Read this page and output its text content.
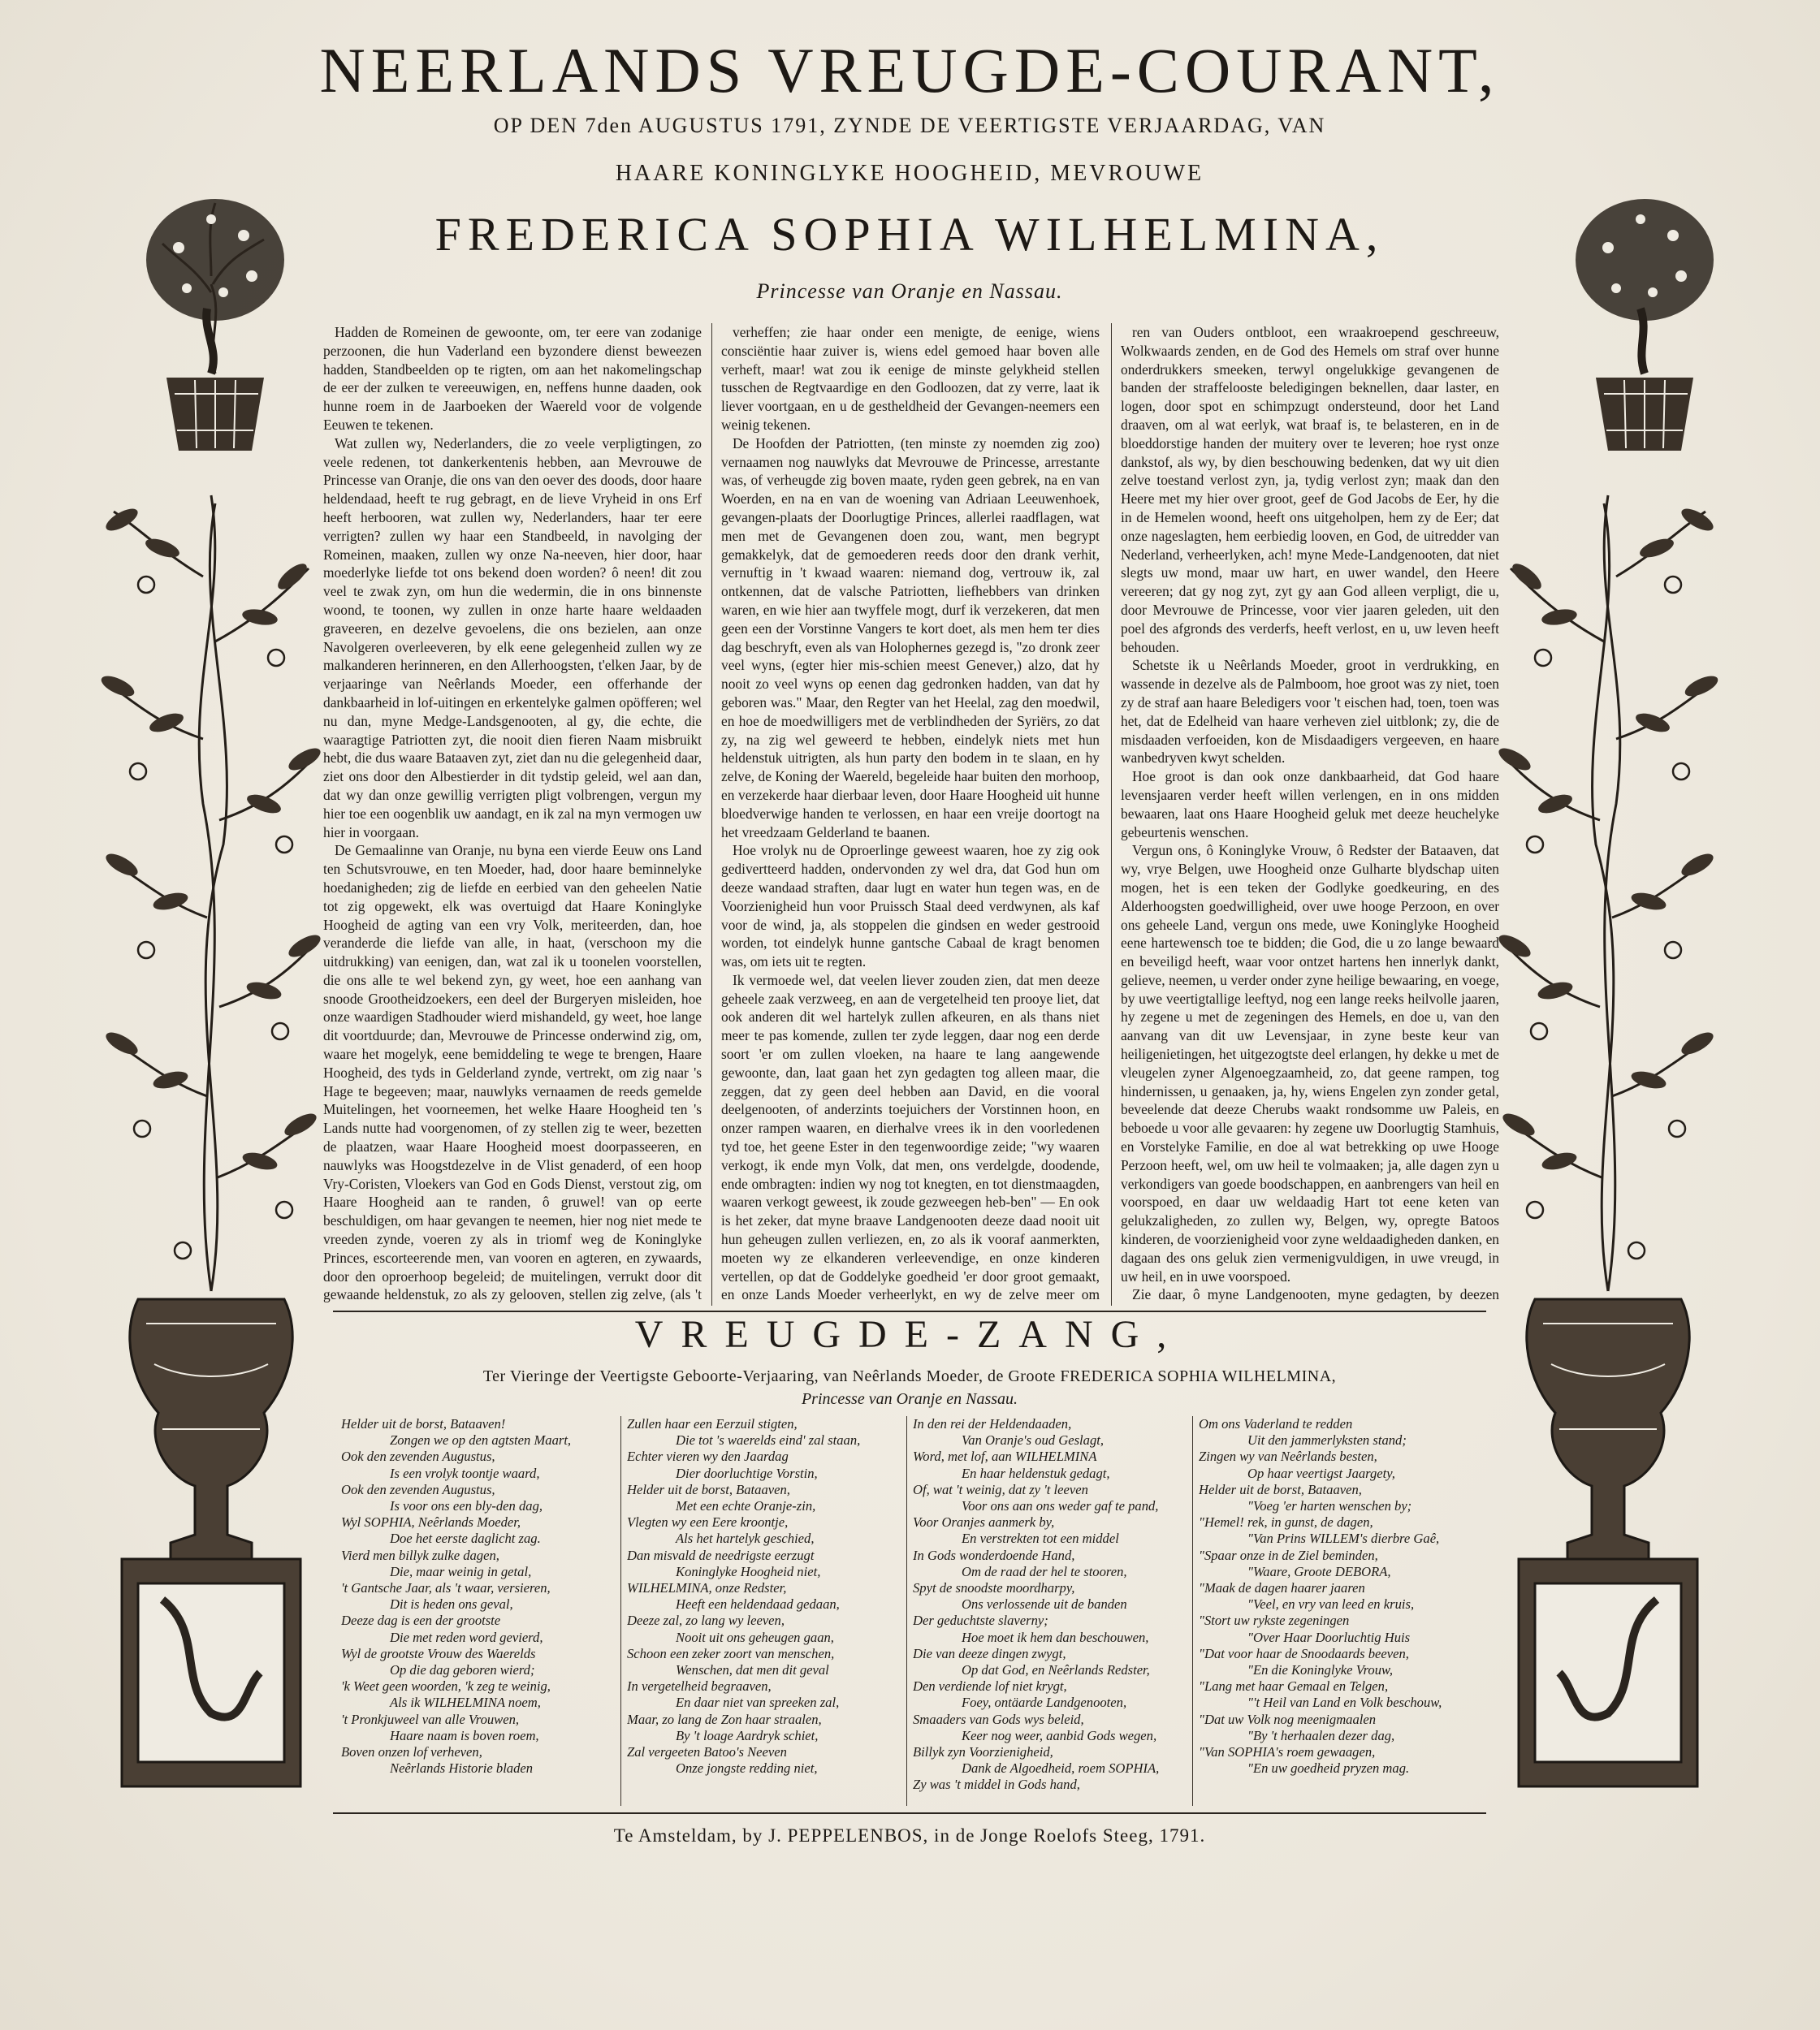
NEERLANDS VREUGDE-COURANT,
OP DEN 7den AUGUSTUS 1791, ZYNDE DE VEERTIGSTE VERJAARDAG, VAN
HAARE KONINGLYKE HOOGHEID, MEVROUWE
FREDERICA SOPHIA WILHELMINA,
Princesse van Oranje en Nassau.

Hadden de Romeinen de gewoonte, om, ter eere van zodanige perzoonen, die hun Vaderland een byzondere dienst beweezen hadden, Standbeelden op te rigten, om aan het nakomelingschap de eer der zulken te vereeuwigen, en, neffens hunne daaden, ook hunne roem in de Jaarboeken der Waereld voor de volgende Eeuwen te tekenen.

Wat zullen wy, Nederlanders, die zo veele verpligtingen, zo veele redenen, tot dankerkentenis hebben, aan Mevrouwe de Princesse van Oranje, die ons van den oever des doods, door haare heldendaad, heeft te rug gebragt, en de lieve Vryheid in ons Erf heeft herbooren, wat zullen wy, Nederlanders, haar ter eere verrigten? zullen wy haar een Standbeeld, in navolging der Romeinen, maaken, zullen wy onze Na-neeven, hier door, haar moederlyke liefde tot ons bekend doen worden? ô neen! dit zou veel te zwak zyn, om hun die wedermin, die in ons binnenste woond, te toonen, wy zullen in onze harte haare weldaaden graveeren, en dezelve gevoelens, die ons bezielen, aan onze Navolgeren overleeveren, by elk eene gelegenheid zullen wy ze malkanderen herinneren, en den Allerhoogsten, t'elken Jaar, by de verjaaringe van Neêrlands Moeder, een offerhande der dankbaarheid in lof-uitingen en erkentelyke galmen opöfferen; wel nu dan, myne Medge-Landsgenooten, al gy, die echte, die waaragtige Patriotten zyt, die nooit dien fieren Naam misbruikt hebt, die dus waare Bataaven zyt, ziet dan nu die gelegenheid daar, ziet ons door den Albestierder in dit tydstip geleid, wel aan dan, dat wy dan onze gewillig verrigten pligt volbrengen, vergun my hier toe een oogenblik uw aandagt, en ik zal na myn vermogen uw hier in voorgaan.

De Gemaalinne van Oranje, nu byna een vierde Eeuw ons Land ten Schutsvrouwe, en ten Moeder, had, door haare beminnelyke hoedanigheden; zig de liefde en eerbied van den geheelen Natie tot zig opgewekt, elk was overtuigd dat Haare Koninglyke Hoogheid de agting van een vry Volk, meriteerden, dan, hoe veranderde die liefde van alle, in haat, (verschoon my die uitdrukking) van eenigen, dan, wat zal ik u toonelen voorstellen, die ons alle te wel bekend zyn, gy weet, hoe een aanhang van snoode Grootheidzoekers, een deel der Burgeryen misleiden, hoe onze waardigen Stadhouder wierd mishandeld, gy weet, hoe lange dit voortduurde; dan, Mevrouwe de Princesse onderwind zig, om, waare het mogelyk, eene bemiddeling te wege te brengen, Haare Hoogheid, des tyds in Gelderland zynde, vertrekt, om zig naar 's Hage te begeeven; maar, nauwlyks vernaamen de reeds gemelde Muitelingen, het voorneemen, het welke Haare Hoogheid ten 's Lands nutte had voorgenomen, of zy stellen zig te weer, bezetten de plaatzen, waar Haare Hoogheid moest doorpasseeren, en nauwlyks was Hoogstdezelve in de Vlist genaderd, of een hoop Vry-Coristen, Vloekers van God en Gods Dienst, verstout zig, om Haare Hoogheid aan te randen, ô gruwel! van op eerte beschuldigen, om haar gevangen te neemen, hier nog niet mede te vreeden zynde, voeren zy als in triomf weg de Koninglyke Princes, escorteerende men, van vooren en agteren, en zywaards, door den oproerhoop begeleid; de muitelingen, verrukt door dit gewaande heldenstuk, zo als zy gelooven, stellen zig zelve, (als 't

verheffen; zie haar onder een menigte, de eenige, wiens consciëntie haar zuiver is, wiens edel gemoed haar boven alle verheft, maar! wat zou ik eenige de minste gelykheid stellen tusschen de Regtvaardige en den Godloozen, dat zy verre, laat ik liever voortgaan, en u de gestheldheid der Gevangen-neemers een weinig tekenen.

De Hoofden der Patriotten, (ten minste zy noemden zig zoo) vernaamen nog nauwlyks dat Mevrouwe de Princesse, arrestante was, of verheugde zig boven maate, ryden geen gebrek, na en van Woerden, en na en van de woening van Adriaan Leeuwenhoek, gevangen-plaats der Doorlugtige Princes, allerlei raadflagen, wat men met de Gevangenen doen zou, want, men begrypt gemakkelyk, dat de gemoederen reeds door den drank verhit, vernuftig in 't kwaad waaren: niemand dog, vertrouw ik, zal ontkennen, dat de valsche Patriotten, liefhebbers van drinken waren, en wie hier aan twyffele mogt, durf ik verzekeren, dat men geen een der Vorstinne Vangers te kort doet, als men hem ter dies dag beschryft, even als van Holophernes gezegd is, "zo dronk zeer veel wyns, (egter hier mis-schien meest Genever,) alzo, dat hy nooit zo veel wyns op eenen dag gedronken hadden, van dat hy geboren was." Maar, den Regter van het Heelal, zag den moedwil, en hoe de moedwilligers met de verblindheden der Syriërs, zo dat zy, na zig wel geweerd te hebben, eindelyk niets met hun heldenstuk uitrigten, als hun party den bodem in te slaan, en hy zelve, de Koning der Waereld, begeleide haar buiten den morhoop, en verzekerde haar dierbaar leven, door Haare Hoogheid uit hunne bloedverwige handen te verlossen, en haar een vreije doortogt na het vreedzaam Gelderland te baanen.

Hoe vrolyk nu de Oproerlinge geweest waaren, hoe zy zig ook gedivertteerd hadden, ondervonden zy wel dra, dat God hun om deeze wandaad straften, daar lugt en water hun tegen was, en de Voorzienigheid hun voor Pruissch Staal deed verdwynen, als kaf voor de wind, ja, als stoppelen die gindsen en weder gestrooid worden, tot eindelyk hunne gantsche Cabaal de kragt benomen was, om iets uit te regten.

Ik vermoede wel, dat veelen liever zouden zien, dat men deeze geheele zaak verzweeg, en aan de vergetelheid ten prooye liet, dat ook anderen dit wel hartelyk zullen afkeuren, en als thans niet meer te pas komende, zullen ter zyde leggen, daar nog een derde soort 'er om zullen vloeken, na haare te lang aangewende gewoonte, dan, laat gaan het zyn gedagten tog alleen maar, die zeggen, dat zy geen deel hebben aan David, en die vooral deelgenooten, of anderzints toejuichers der Vorstinnen hoon, en onzer rampen waaren, en dierhalve vrees ik in den voorledenen tyd toe, het geene Ester in den tegenwoordige zeide; "wy waaren verkogt, ik ende myn Volk, dat men, ons verdelgde, doodende, ende ombragten: indien wy nog tot knegten, en tot dienstmaagden, waaren verkogt geweest, ik zoude gezweegen heb-ben" — En ook is het zeker, dat myne braave Landgenooten deeze daad nooit uit hun geheugen zullen verliezen, en, zo als ik vooraf aanmerkten, moeten wy ze elkanderen verleevendige, en onze kinderen vertellen, op dat de Goddelyke goedheid 'er door groot gemaakt, en onze Lands Moeder verheerlykt, en wy de zelve meer om

ren van Ouders ontbloot, een wraakroepend geschreeuw, Wolkwaards zenden, en de God des Hemels om straf over hunne onderdrukkers smeeken, terwyl ongelukkige gevangenen de banden der straffelooste beledigingen beknellen, daar laster, en logen, door spot en schimpzugt ondersteund, door het Land draaven, om al wat eerlyk, wat braaf is, te belasteren, en in de bloeddorstige handen der muitery over te leveren; hoe ryst onze dankstof, als wy, by dien beschouwing bedenken, dat wy uit dien zelve toestand verlost zyn, ja, tydig verlost zyn; maak dan den Heere met my hier over groot, geef de God Jacobs de Eer, hy die in de Hemelen woond, heeft ons uitgeholpen, hem zy de Eer; dat onze nageslagten, hem eerbiedig looven, en God, de uitredder van Nederland, verheerlyken, ach! myne Mede-Landgenooten, dat niet slegts uw mond, maar uw hart, en uwer wandel, den Heere vereeren; dat gy nog zyt, zyt gy aan God alleen verpligt, die u, door Mevrouwe de Princesse, voor vier jaaren geleden, uit den poel des afgronds des verderfs, heeft verlost, en u, uw leven heeft behouden.

Schetste ik u Neêrlands Moeder, groot in verdrukking, en wassende in dezelve als de Palmboom, hoe groot was zy niet, toen zy de straf aan haare Beledigers voor 't eischen had, toen, toen was het, dat de Edelheid van haare verheven ziel uitblonk; zy, die de misdaaden verfoeiden, kon de Misdaadigers vergeeven, en haare wanbedryven kwyt schelden.

Hoe groot is dan ook onze dankbaarheid, dat God haare levensjaaren verder heeft willen verlengen, en in ons midden bewaaren, laat ons Haare Hoogheid geluk met deeze heuchelyke gebeurtenis wenschen.

Vergun ons, ô Koninglyke Vrouw, ô Redster der Bataaven, dat wy, vrye Belgen, uwe Hoogheid onze Gulharte blydschap uiten mogen, het is een teken der Godlyke goedkeuring, en des Alderhoogsten goedwilligheid, over uwe hooge Perzoon, en over ons geheele Land, vergun ons mede, uwe Koninglyke Hoogheid eene hartewensch toe te bidden; die God, die u zo lange bewaard en beveiligd heeft, waar voor ontzet hartens hen innerlyk dankt, gelieve, neemen, u verder onder zyne heilige bewaaring, en voege, by uwe veertigtallige leeftyd, nog een lange reeks heilvolle jaaren, hy zegene u met de zegeningen des Hemels, en doe u, van den aanvang van dit uw Levensjaar, in zyne beste keur van heiligenietingen, het uitgezogtste deel erlangen, hy dekke u met de vleugelen zyner Algenoegzaamheid, zo, dat geene rampen, tog hindernissen, u genaaken, ja, hy, wiens Engelen zyn zonder getal, beveelende dat deeze Cherubs waakt rondsomme uw Paleis, en beboede u voor alle gevaaren: hy zegene uw Doorlugtig Stamhuis, en Vorstelyke Familie, en doe al wat betrekking op uwe Hooge Perzoon heeft, wel, om uw heil te volmaaken; ja, alle dagen zyn u verkondigers van goede boodschappen, en aanbrengers van heil en voorspoed, en daar uw weldaadig Hart tot eene keten van gelukzaligheden, zo zullen wy, Belgen, wy, opregte Batoos kinderen, de voorzienigheid voor zyne weldaadigheden danken, en dagaan des ons geluk zien vermenigvuldigen, in uwe vreugd, in uw heil, en in uwe voorspoed.

Zie daar, ô myne Landgenooten, myne gedagten, by deezen

VREUGDE-ZANG,
Ter Vieringe der Veertigste Geboorte-Verjaaring, van Neêrlands Moeder, de Groote FREDERICA SOPHIA WILHELMINA,
Princesse van Oranje en Nassau.
Helder uit de borst, Bataaven!
Zongen we op den agtsten Maart,
Ook den zevenden Augustus,
Is een vrolyk toontje waard,
Ook den zevenden Augustus,
Is voor ons een bly-den dag,
Wyl SOPHIA, Neêrlands Moeder,
Doe het eerste daglicht zag.
Vierd men billyk zulke dagen,
Die, maar weinig in getal,
't Gantsche Jaar, als 't waar, versieren,
Dit is heden ons geval,
Deeze dag is een der grootste
Die met reden word gevierd,
Wyl de grootste Vrouw des Waerelds
Op die dag geboren wierd;
'k Weet geen woorden, 'k zeg te weinig,
Als ik WILHELMINA noem,
't Pronkjuweel van alle Vrouwen,
Haare naam is boven roem,
Boven onzen lof verheven,
Neêrlands Historie bladen
Zullen haar een Eerzuil stigten,
Die tot 's waerelds eind' zal staan,
Echter vieren wy den Jaardag
Dier doorluchtige Vorstin,
Helder uit de borst, Bataaven,
Met een echte Oranje-zin,
Vlegten wy een Eere kroontje,
Als het hartelyk geschied,
Dan misvald de needrigste eerzugt
Koninglyke Hoogheid niet,
WILHELMINA, onze Redster,
Heeft een heldendaad gedaan,
Deeze zal, zo lang wy leeven,
Nooit uit ons geheugen gaan,
Schoon een zeker zoort van menschen,
Wenschen, dat men dit geval
In vergetelheid begraaven,
En daar niet van spreeken zal,
Maar, zo lang de Zon haar straalen,
By 't loage Aardryk schiet,
Zal vergeeten Batoo's Neeven
Onze jongste redding niet,
In den rei der Heldendaaden,
Van Oranje's oud Geslagt,
Word, met lof, aan WILHELMINA
En haar heldenstuk gedagt,
Of, wat 't weinig, dat zy 't leeven
Voor ons aan ons weder gaf te pand,
Voor Oranjes aanmerk by,
En verstrekten tot een middel
In Gods wonderdoende Hand,
Om de raad der hel te stooren,
Spyt de snoodste moordharpy,
Ons verlossende uit de banden
Der geduchtste slaverny;
Hoe moet ik hem dan beschouwen,
Die van deeze dingen zwygt,
Op dat God, en Neêrlands Redster,
Den verdiende lof niet krygt,
Foey, ontäarde Landgenooten,
Smaaders van Gods wys beleid,
Keer nog weer, aanbid Gods wegen,
Billyk zyn Voorzienigheid,
Dank de Algoedheid, roem SOPHIA,
Zy was 't middel in Gods hand,
Om ons Vaderland te redden
Uit den jammerlyksten stand;
Zingen wy van Neêrlands besten,
Op haar veertigst Jaargety,
Helder uit de borst, Bataaven,
"Voeg 'er harten wenschen by;
"Hemel! rek, in gunst, de dagen,
"Van Prins WILLEM's dierbre Gaê,
"Spaar onze in de Ziel beminden,
"Waare, Groote DEBORA,
"Maak de dagen haarer jaaren
"Veel, en vry van leed en kruis,
"Stort uw rykste zegeningen
"Over Haar Doorluchtig Huis
"Dat voor haar de Snoodaards beeven,
"En die Koninglyke Vrouw,
"Lang met haar Gemaal en Telgen,
"'t Heil van Land en Volk beschouw,
"Dat uw Volk nog meenigmaalen
"By 't herhaalen dezer dag,
"Van SOPHIA's roem gewaagen,
"En uw goedheid pryzen mag.
Te Amsteldam, by J. PEPPELENBOS, in de Jonge Roelofs Steeg, 1791.
